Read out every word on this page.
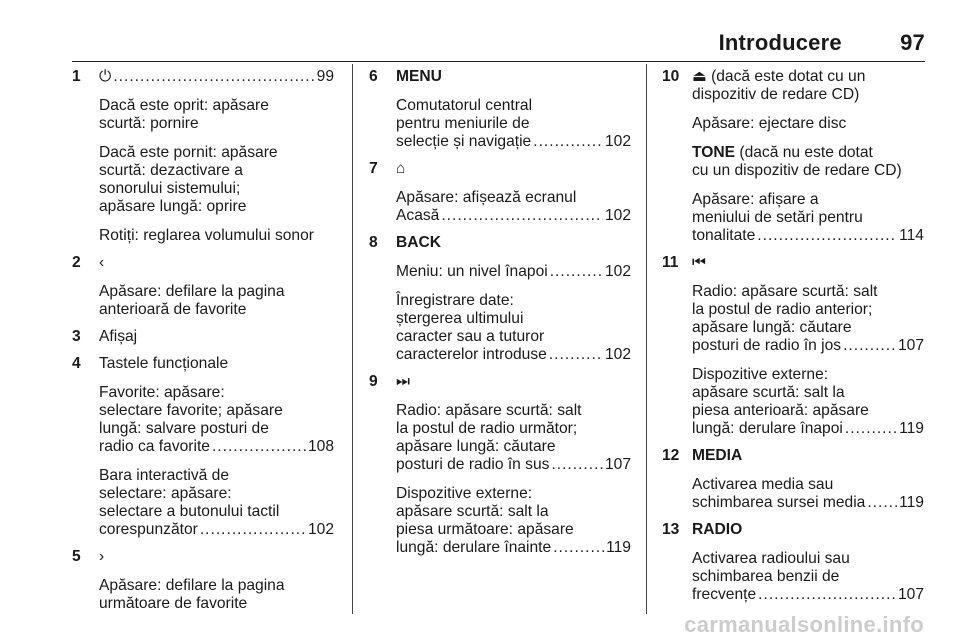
Introducere	97
1 ⏻ .....	99
Dacă este oprit: apăsare
scurtă: pornire
Dacă este pornit: apăsare
scurtă: dezactivare a
sonorului sistemului;
apăsare lungă: oprire
Rotiți: reglarea volumului sonor
2 ‹
Apăsare: defilare la pagina
anterioară de favorite
3 Afișaj
4 Tastele funcționale
Favorite: apăsare:
selectare favorite; apăsare
lungă: salvare posturi de
radio ca favorite .....	108
Bara interactivă de
selectare: apăsare:
selectare a butonului tactil
corespunzător .....	102
5 ›
Apăsare: defilare la pagina
următoare de favorite
6 MENU
Comutatorul central
pentru meniurile de
selecție și navigație .....	102
7 ⌂
Apăsare: afișează ecranul
Acasă .....	102
8 BACK
Meniu: un nivel înapoi .....	102
Înregistrare date:
ștergerea ultimului
caracter sau a tuturor
caracterelor introduse .....	102
9 ⏭
Radio: apăsare scurtă: salt
la postul de radio următor;
apăsare lungă: căutare
posturi de radio în sus .....	107
Dispozitive externe:
apăsare scurtă: salt la
piesa următoare: apăsare
lungă: derulare înainte .....	119
10 ⏏ (dacă este dotat cu un
dispozitiv de redare CD)
Apăsare: ejectare disc
TONE (dacă nu este dotat
cu un dispozitiv de redare CD)
Apăsare: afișare a
meniului de setări pentru
tonalitate .....	114
11 ⏮
Radio: apăsare scurtă: salt
la postul de radio anterior;
apăsare lungă: căutare
posturi de radio în jos .....	107
Dispozitive externe:
apăsare scurtă: salt la
piesa anterioară: apăsare
lungă: derulare înapoi .....	119
12 MEDIA
Activarea media sau
schimbarea sursei media ..... 119
13 RADIO
Activarea radioului sau
schimbarea benzii de
frecvențe .....	107
carmanualsonline.info
